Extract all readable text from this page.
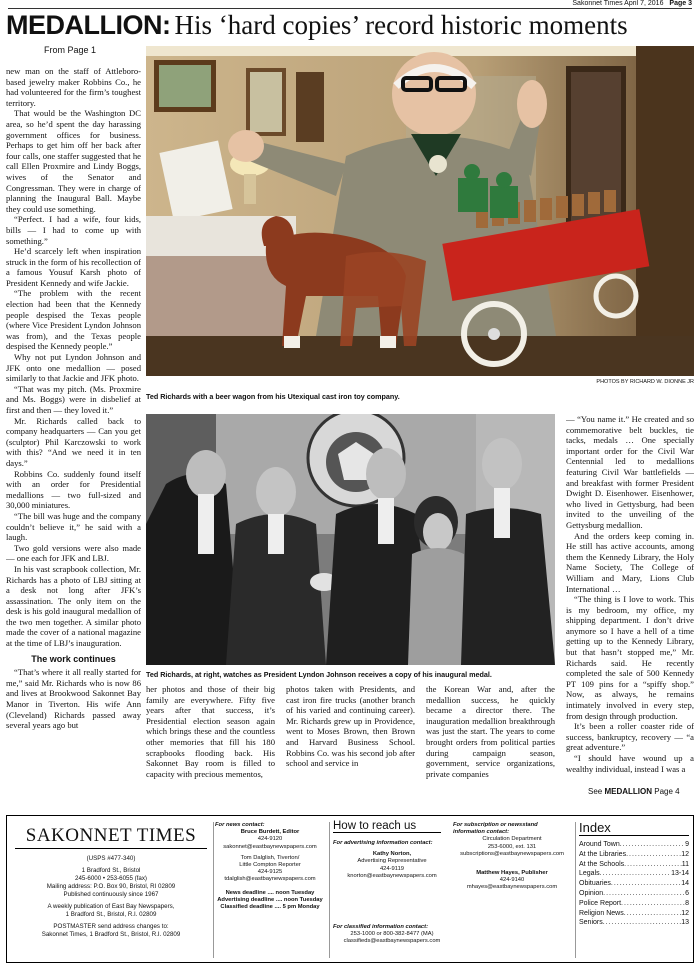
Sakonnet Times April 7, 2016 Page 3
MEDALLION: His ‘hard copies’ record historic moments
From Page 1

new man on the staff of Attleboro-based jewelry maker Robbins Co., he had volunteered for the firm’s toughest territory.

That would be the Washington DC area, so he’d spent the day harassing government offices for business. Perhaps to get him off her back after four calls, one staffer suggested that he call Ellen Proxmire and Lindy Boggs, wives of the Senator and Congressman. They were in charge of planning the Inaugural Ball. Maybe they could use something.

“Perfect. I had a wife, four kids, bills — I had to come up with something.”

He’d scarcely left when inspiration struck in the form of his recollection of a famous Yousuf Karsh photo of President Kennedy and wife Jackie.

“The problem with the recent election had been that the Kennedy people despised the Texas people (where Vice President Lyndon Johnson was from), and the Texas people despised the Kennedy people.”

Why not put Lyndon Johnson and JFK onto one medallion — posed similarly to that Jackie and JFK photo.

“That was my pitch. (Ms. Proxmire and Ms. Boggs) were in disbelief at first and then — they loved it.”

Mr. Richards called back to company headquarters — Can you get (sculptor) Phil Karczowski to work with this? “And we need it in ten days.”

Robbins Co. suddenly found itself with an order for Presidential medallions — two full-sized and 30,000 miniatures.

“The bill was huge and the company couldn’t believe it,” he said with a laugh.

Two gold versions were also made — one each for JFK and LBJ.

In his vast scrapbook collection, Mr. Richards has a photo of LBJ sitting at a desk not long after JFK’s assassination. The only item on the desk is his gold inaugural medallion of the two men together. A similar photo made the cover of a national magazine at the time of LBJ’s inauguration.

The work continues

“That’s where it all really started for me,” said Mr. Richards who is now 86 and lives at Brookwood Sakonnet Bay Manor in Tiverton. His wife Ann (Cleveland) Richards passed away several years ago but

PHOTOS BY RICHARD W. DIONNE JR
Ted Richards with a beer wagon from his Utexiqual cast iron toy company.
Ted Richards, at right, watches as President Lyndon Johnson receives a copy of his inaugural medal.

her photos and those of their big family are everywhere. Fifty five years after that success, it’s Presidential election season again which brings these and the countless other memories that fill his 180 scrapbooks flooding back. His Sakonnet Bay room is filled to capacity with precious mementos,

photos taken with Presidents, and cast iron fire trucks (another branch of his varied and continuing career). Mr. Richards grew up in Providence, went to Moses Brown, then Brown and Harvard Business School. Robbins Co. was his second job after school and service in

the Korean War and, after the medallion success, he quickly became a director there. The inauguration medallion breakthrough was just the start. The years to come brought orders from political parties during campaign season, government, service organizations, private companies

— “You name it.” He created and so commemorative belt buckles, tie tacks, medals … One specially important order for the Civil War Centennial led to medallions featuring Civil War battlefields — and breakfast with former President Dwight D. Eisenhower. Eisenhower, who lived in Gettysburg, had been invited to the unveiling of the Gettysburg medallion.

And the orders keep coming in. He still has active accounts, among them the Kennedy Library, the Holy Name Society, The College of William and Mary, Lions Club International …

“The thing is I love to work. This is my bedroom, my office, my shipping department. I don’t drive anymore so I have a hell of a time getting up to the Kennedy Library, but that hasn’t stopped me,” Mr. Richards said. He recently completed the sale of 500 Kennedy PT 109 pins for a “spiffy shop.” Now, as always, he remains intimately involved in every step, from design through production.

It’s been a roller coaster ride of success, bankruptcy, recovery — “a great adventure.”

“I should have wound up a wealthy individual, instead I was a

See MEDALLION Page 4
SAKONNET TIMES
(USPS #477-340)

1 Bradford St., Bristol
245-6000 • 253-6055 (fax)
Mailing address: P.O. Box 90, Bristol, RI 02809
Published continuously since 1967

A weekly publication of East Bay Newspapers,
1 Bradford St., Bristol, R.I. 02809

POSTMASTER send address changes to:
Sakonnet Times, 1 Bradford St., Bristol, R.I. 02809
For news contact:
Bruce Burdett, Editor
424-9120
sakonnet@eastbaynewspapers.com

Tom Dalglish, Tiverton/
Little Compton Reporter
424-9125
tdalglish@eastbaynewspapers.com
News deadline .... noon Tuesday
Advertising deadline .... noon Tuesday
Classified deadline .... 5 pm Monday
How to reach us
For advertising information contact:
Kathy Norton,
Advertising Representative
424-9119
knorton@eastbaynewspapers.com
For classified information contact:
253-1000 or 800-382-8477 (MA)
classifieds@eastbaynewspapers.com
For subscription or newsstand information contact:
Circulation Department
253-6000, ext. 131
subscriptions@eastbaynewspapers.com
Matthew Hayes, Publisher
424-9140
mhayes@eastbaynewspapers.com
Index
Around Town .....	9
At the Libraries .....	12
At the Schools .....	11
Legals .....	13-14
Obituaries .....	14
Opinion .....	6
Police Report .....	8
Religion News .....	12
Seniors .....	13
